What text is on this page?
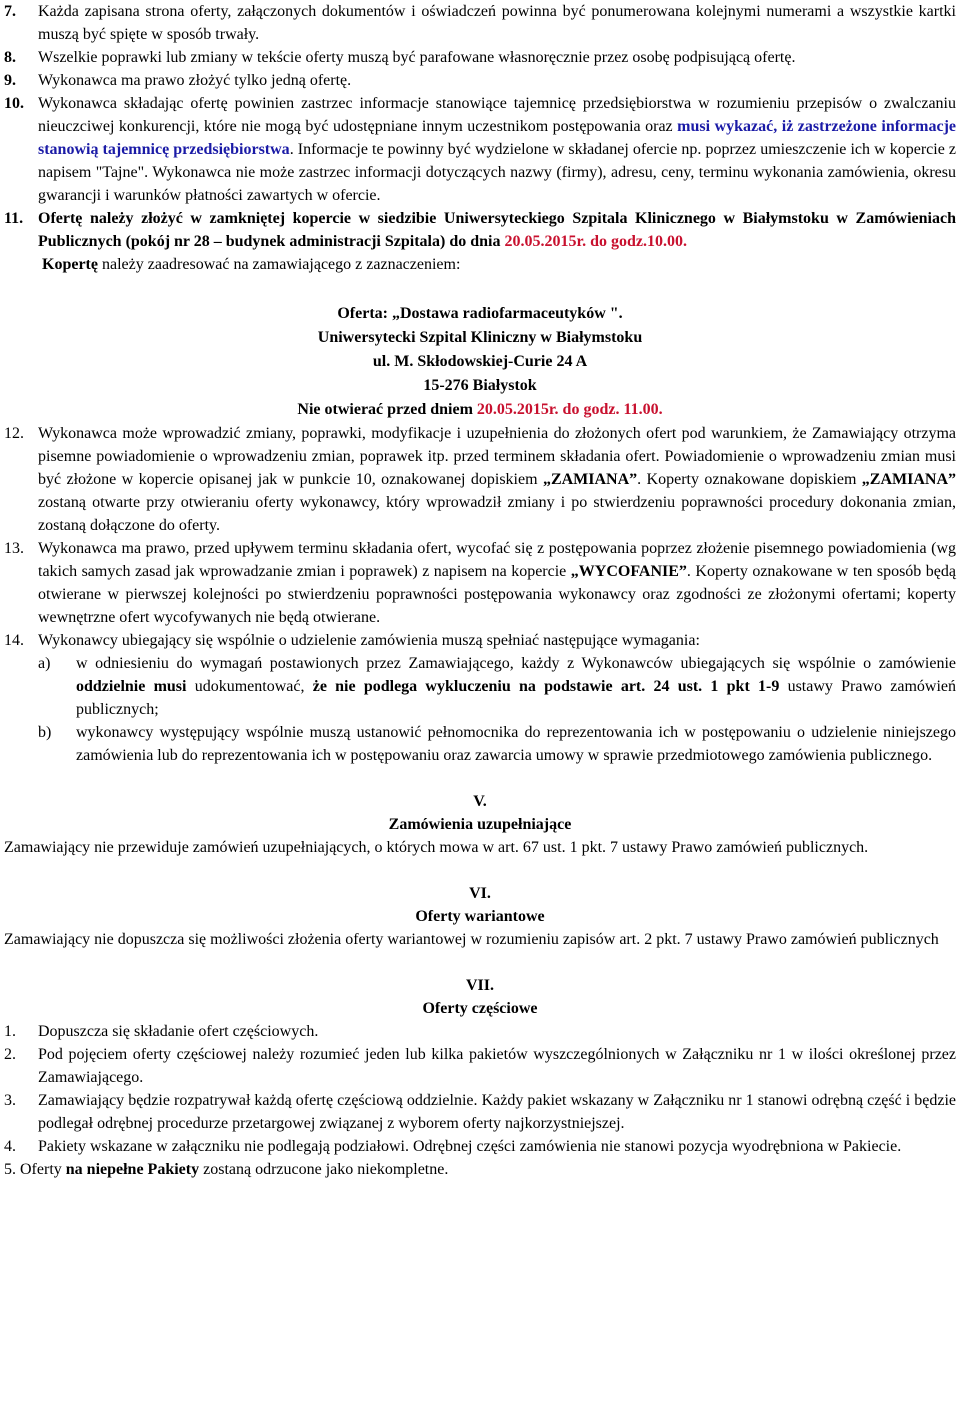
7. Każda zapisana strona oferty, załączonych dokumentów i oświadczeń powinna być ponumerowana kolejnymi numerami a wszystkie kartki muszą być spięte w sposób trwały.
8. Wszelkie poprawki lub zmiany w tekście oferty muszą być parafowane własnoręcznie przez osobę podpisującą ofertę.
9. Wykonawca ma prawo złożyć tylko jedną ofertę.
10. Wykonawca składając ofertę powinien zastrzec informacje stanowiące tajemnicę przedsiębiorstwa w rozumieniu przepisów o zwalczaniu nieuczciwej konkurencji, które nie mogą być udostępniane innym uczestnikom postępowania oraz musi wykazać, iż zastrzeżone informacje stanowią tajemnicę przedsiębiorstwa. Informacje te powinny być wydzielone w składanej ofercie np. poprzez umieszczenie ich w kopercie z napisem "Tajne". Wykonawca nie może zastrzec informacji dotyczących nazwy (firmy), adresu, ceny, terminu wykonania zamówienia, okresu gwarancji i warunków płatności zawartych w ofercie.
11. Ofertę należy złożyć w zamkniętej kopercie w siedzibie Uniwersyteckiego Szpitala Klinicznego w Białymstoku w Zamówieniach Publicznych (pokój nr 28 – budynek administracji Szpitala) do dnia 20.05.2015r. do godz.10.00.
Kopertę należy zaadresować na zamawiającego z zaznaczeniem:
Oferta: „Dostawa radiofarmaceutyków ".
Uniwersytecki Szpital Kliniczny w Białymstoku
ul. M. Skłodowskiej-Curie 24 A
15-276 Białystok
Nie otwierać przed dniem 20.05.2015r. do godz. 11.00.
12. Wykonawca może wprowadzić zmiany, poprawki, modyfikacje i uzupełnienia do złożonych ofert pod warunkiem, że Zamawiający otrzyma pisemne powiadomienie o wprowadzeniu zmian, poprawek itp. przed terminem składania ofert. Powiadomienie o wprowadzeniu zmian musi być złożone w kopercie opisanej jak w punkcie 10, oznakowanej dopiskiem „ZAMIANA”. Koperty oznakowane dopiskiem „ZAMIANA” zostaną otwarte przy otwieraniu oferty wykonawcy, który wprowadził zmiany i po stwierdzeniu poprawności procedury dokonania zmian, zostaną dołączone do oferty.
13. Wykonawca ma prawo, przed upływem terminu składania ofert, wycofać się z postępowania poprzez złożenie pisemnego powiadomienia (wg takich samych zasad jak wprowadzanie zmian i poprawek) z napisem na kopercie „WYCOFANIE”. Koperty oznakowane w ten sposób będą otwierane w pierwszej kolejności po stwierdzeniu poprawności postępowania wykonawcy oraz zgodności ze złożonymi ofertami; koperty wewnętrzne ofert wycofywanych nie będą otwierane.
14. Wykonawcy ubiegający się wspólnie o udzielenie zamówienia muszą spełniać następujące wymagania:
a) w odniesieniu do wymagań postawionych przez Zamawiającego, każdy z Wykonawców ubiegających się wspólnie o zamówienie oddzielnie musi udokumentować, że nie podlega wykluczeniu na podstawie art. 24 ust. 1 pkt 1-9 ustawy Prawo zamówień publicznych;
b) wykonawcy występujący wspólnie muszą ustanowić pełnomocnika do reprezentowania ich w postępowaniu o udzielenie niniejszego zamówienia lub do reprezentowania ich w postępowaniu oraz zawarcia umowy w sprawie przedmiotowego zamówienia publicznego.
V.
Zamówienia uzupełniające
Zamawiający nie przewiduje zamówień uzupełniających, o których mowa w art. 67 ust. 1 pkt. 7 ustawy Prawo zamówień publicznych.
VI.
Oferty wariantowe
Zamawiający nie dopuszcza się możliwości złożenia oferty wariantowej w rozumieniu zapisów art. 2 pkt. 7 ustawy Prawo zamówień publicznych
VII.
Oferty częściowe
1. Dopuszcza się składanie ofert częściowych.
2. Pod pojęciem oferty częściowej należy rozumieć jeden lub kilka pakietów wyszczególnionych w Załączniku nr 1 w ilości określonej przez Zamawiającego.
3. Zamawiający będzie rozpatrywał każdą ofertę częściową oddzielnie. Każdy pakiet wskazany w Załączniku nr 1 stanowi odrębną część i będzie podlegał odrębnej procedurze przetargowej związanej z wyborem oferty najkorzystniejszej.
4. Pakiety wskazane w załączniku nie podlegają podziałowi. Odrębnej części zamówienia nie stanowi pozycja wyodrębniona w Pakiecie.
5. Oferty na niepełne Pakiety zostaną odrzucone jako niekompletne.
